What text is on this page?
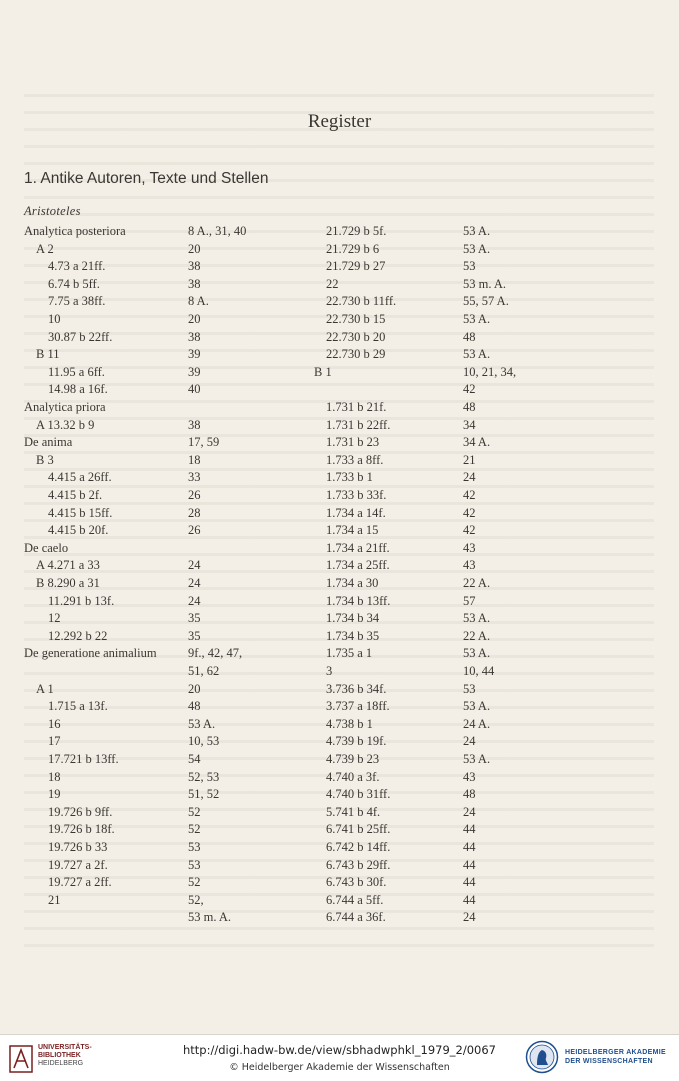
Register
1. Antike Autoren, Texte und Stellen
Aristoteles
Analytica posteriora	8 A., 31, 40
A 2	20
4.73 a 21ff.	38
6.74 b 5ff.	38
7.75 a 38ff.	8 A.
10	20
30.87 b 22ff.	38
B 11	39
11.95 a 6ff.	39
14.98 a 16f.	40
Analytica priora
A 13.32 b 9	38
De anima	17, 59
B 3	18
4.415 a 26ff.	33
4.415 b 2f.	26
4.415 b 15ff.	28
4.415 b 20f.	26
De caelo
A 4.271 a 33	24
B 8.290 a 31	24
11.291 b 13f.	24
12	35
12.292 b 22	35
De generatione animalium	9f., 42, 47,
51, 62
A 1	20
1.715 a 13f.	48
16	53 A.
17	10, 53
17.721 b 13ff.	54
18	52, 53
19	51, 52
19.726 b 9ff.	52
19.726 b 18f.	52
19.726 b 33	53
19.727 a 2f.	53
19.727 a 2ff.	52
21	52,
53 m. A.
21.729 b 5f.	53 A.
21.729 b 6	53 A.
21.729 b 27	53
22	53 m. A.
22.730 b 11ff.	55, 57 A.
22.730 b 15	53 A.
22.730 b 20	48
22.730 b 29	53 A.
B 1	10, 21, 34,
42
1.731 b 21f.	48
1.731 b 22ff.	34
1.731 b 23	34 A.
1.733 a 8ff.	21
1.733 b 1	24
1.733 b 33f.	42
1.734 a 14f.	42
1.734 a 15	42
1.734 a 21ff.	43
1.734 a 25ff.	43
1.734 a 30	22 A.
1.734 b 13ff.	57
1.734 b 34	53 A.
1.734 b 35	22 A.
1.735 a 1	53 A.
3	10, 44
3.736 b 34f.	53
3.737 a 18ff.	53 A.
4.738 b 1	24 A.
4.739 b 19f.	24
4.739 b 23	53 A.
4.740 a 3f.	43
4.740 b 31ff.	48
5.741 b 4f.	24
6.741 b 25ff.	44
6.742 b 14ff.	44
6.743 b 29ff.	44
6.743 b 30f.	44
6.744 a 5ff.	44
6.744 a 36f.	24
UNIVERSITÄTS-
BIBLIOTHEK
HEIDELBERG
http://digi.hadw-bw.de/view/sbhadwphkl_1979_2/0067
© Heidelberger Akademie der Wissenschaften
HEIDELBERGER AKADEMIE
DER WISSENSCHAFTEN
